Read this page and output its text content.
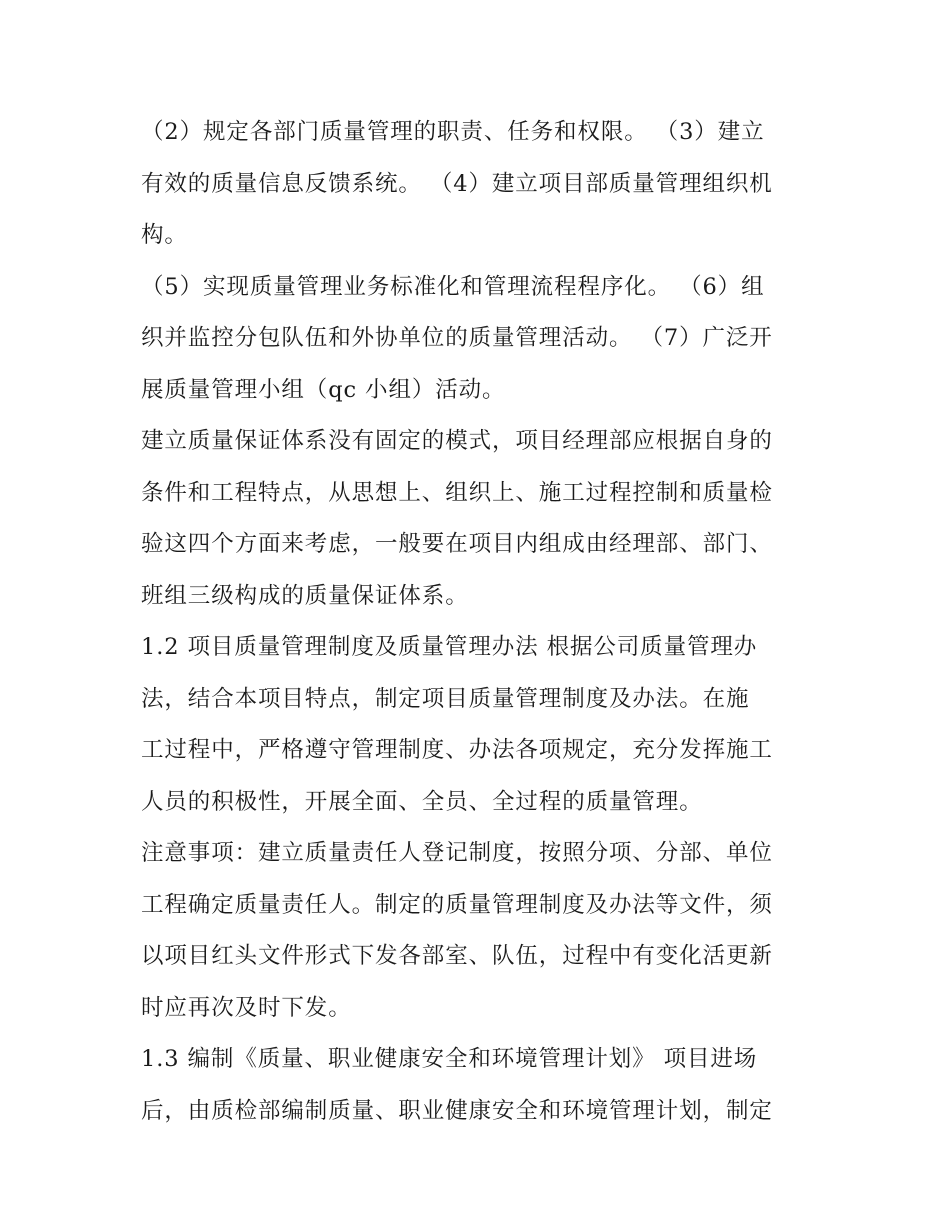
（2）规定各部门质量管理的职责、任务和权限。 （3）建立
有效的质量信息反馈系统。 （4）建立项目部质量管理组织机
构。
（5）实现质量管理业务标准化和管理流程程序化。 （6）组
织并监控分包队伍和外协单位的质量管理活动。 （7）广泛开
展质量管理小组（qc 小组）活动。
建立质量保证体系没有固定的模式，项目经理部应根据自身的
条件和工程特点，从思想上、组织上、施工过程控制和质量检
验这四个方面来考虑，一般要在项目内组成由经理部、部门、
班组三级构成的质量保证体系。
1.2 项目质量管理制度及质量管理办法 根据公司质量管理办
法，结合本项目特点，制定项目质量管理制度及办法。在施
工过程中，严格遵守管理制度、办法各项规定，充分发挥施工
人员的积极性，开展全面、全员、全过程的质量管理。
注意事项：建立质量责任人登记制度，按照分项、分部、单位
工程确定质量责任人。制定的质量管理制度及办法等文件，须
以项目红头文件形式下发各部室、队伍，过程中有变化活更新
时应再次及时下发。
1.3 编制《质量、职业健康安全和环境管理计划》 项目进场
后，由质检部编制质量、职业健康安全和环境管理计划，制定
